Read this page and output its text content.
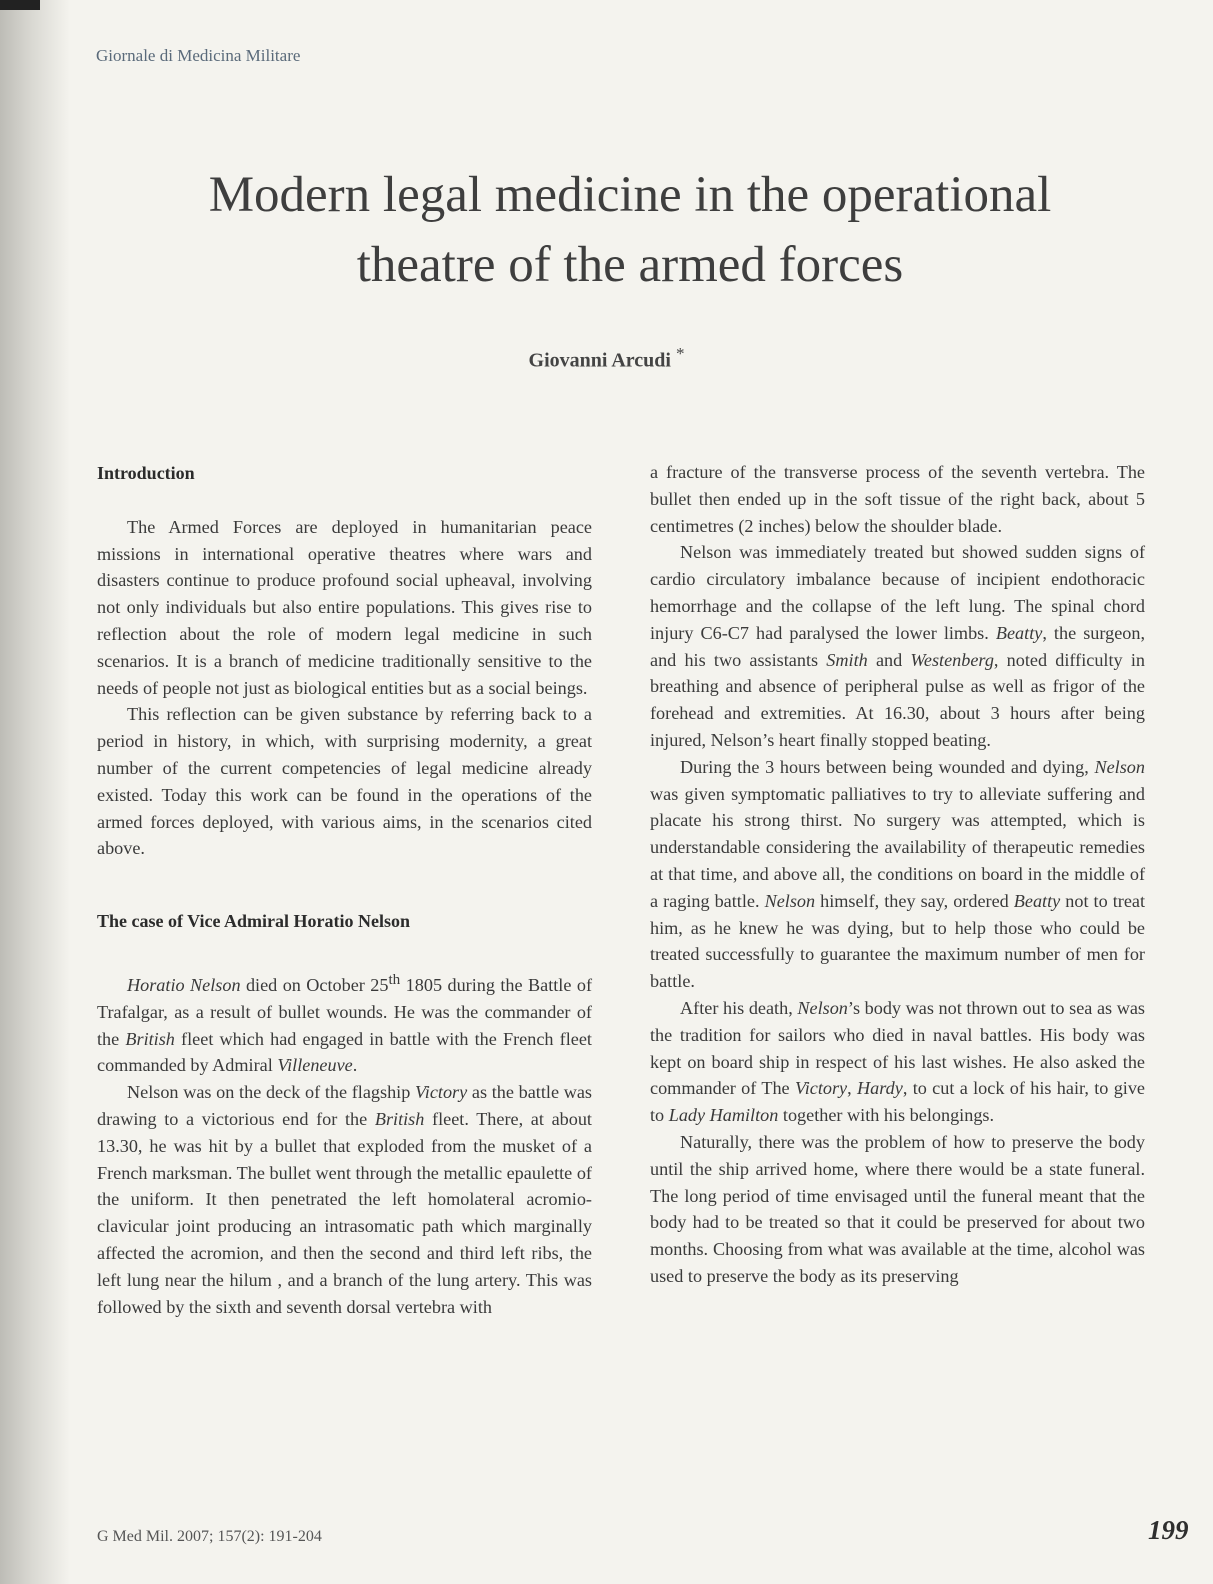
Giornale di Medicina Militare
Modern legal medicine in the operational
theatre of the armed forces
Giovanni Arcudi *
Introduction

The Armed Forces are deployed in humanitarian peace missions in international operative theatres where wars and disasters continue to produce profound social upheaval, involving not only individuals but also entire populations. This gives rise to reflection about the role of modern legal medicine in such scenarios. It is a branch of medicine traditionally sensitive to the needs of people not just as biological entities but as a social beings.

This reflection can be given substance by referring back to a period in history, in which, with surprising modernity, a great number of the current competencies of legal medicine already existed. Today this work can be found in the operations of the armed forces deployed, with various aims, in the scenarios cited above.

The case of Vice Admiral Horatio Nelson

Horatio Nelson died on October 25th 1805 during the Battle of Trafalgar, as a result of bullet wounds. He was the commander of the British fleet which had engaged in battle with the French fleet commanded by Admiral Villeneuve.

Nelson was on the deck of the flagship Victory as the battle was drawing to a victorious end for the British fleet. There, at about 13.30, he was hit by a bullet that exploded from the musket of a French marksman. The bullet went through the metallic epaulette of the uniform. It then penetrated the left homolateral acromio-clavicular joint producing an intrasomatic path which marginally affected the acromion, and then the second and third left ribs, the left lung near the hilum , and a branch of the lung artery. This was followed by the sixth and seventh dorsal vertebra with

a fracture of the transverse process of the seventh vertebra. The bullet then ended up in the soft tissue of the right back, about 5 centimetres (2 inches) below the shoulder blade.

Nelson was immediately treated but showed sudden signs of cardio circulatory imbalance because of incipient endothoracic hemorrhage and the collapse of the left lung. The spinal chord injury C6-C7 had paralysed the lower limbs. Beatty, the surgeon, and his two assistants Smith and Westenberg, noted difficulty in breathing and absence of peripheral pulse as well as frigor of the forehead and extremities. At 16.30, about 3 hours after being injured, Nelson’s heart finally stopped beating.

During the 3 hours between being wounded and dying, Nelson was given symptomatic palliatives to try to alleviate suffering and placate his strong thirst. No surgery was attempted, which is understandable considering the availability of therapeutic remedies at that time, and above all, the conditions on board in the middle of a raging battle. Nelson himself, they say, ordered Beatty not to treat him, as he knew he was dying, but to help those who could be treated successfully to guarantee the maximum number of men for battle.

After his death, Nelson’s body was not thrown out to sea as was the tradition for sailors who died in naval battles. His body was kept on board ship in respect of his last wishes. He also asked the commander of The Victory, Hardy, to cut a lock of his hair, to give to Lady Hamilton together with his belongings.

Naturally, there was the problem of how to preserve the body until the ship arrived home, where there would be a state funeral. The long period of time envisaged until the funeral meant that the body had to be treated so that it could be preserved for about two months. Choosing from what was available at the time, alcohol was used to preserve the body as its preserving

G Med Mil. 2007; 157(2): 191-204	199
